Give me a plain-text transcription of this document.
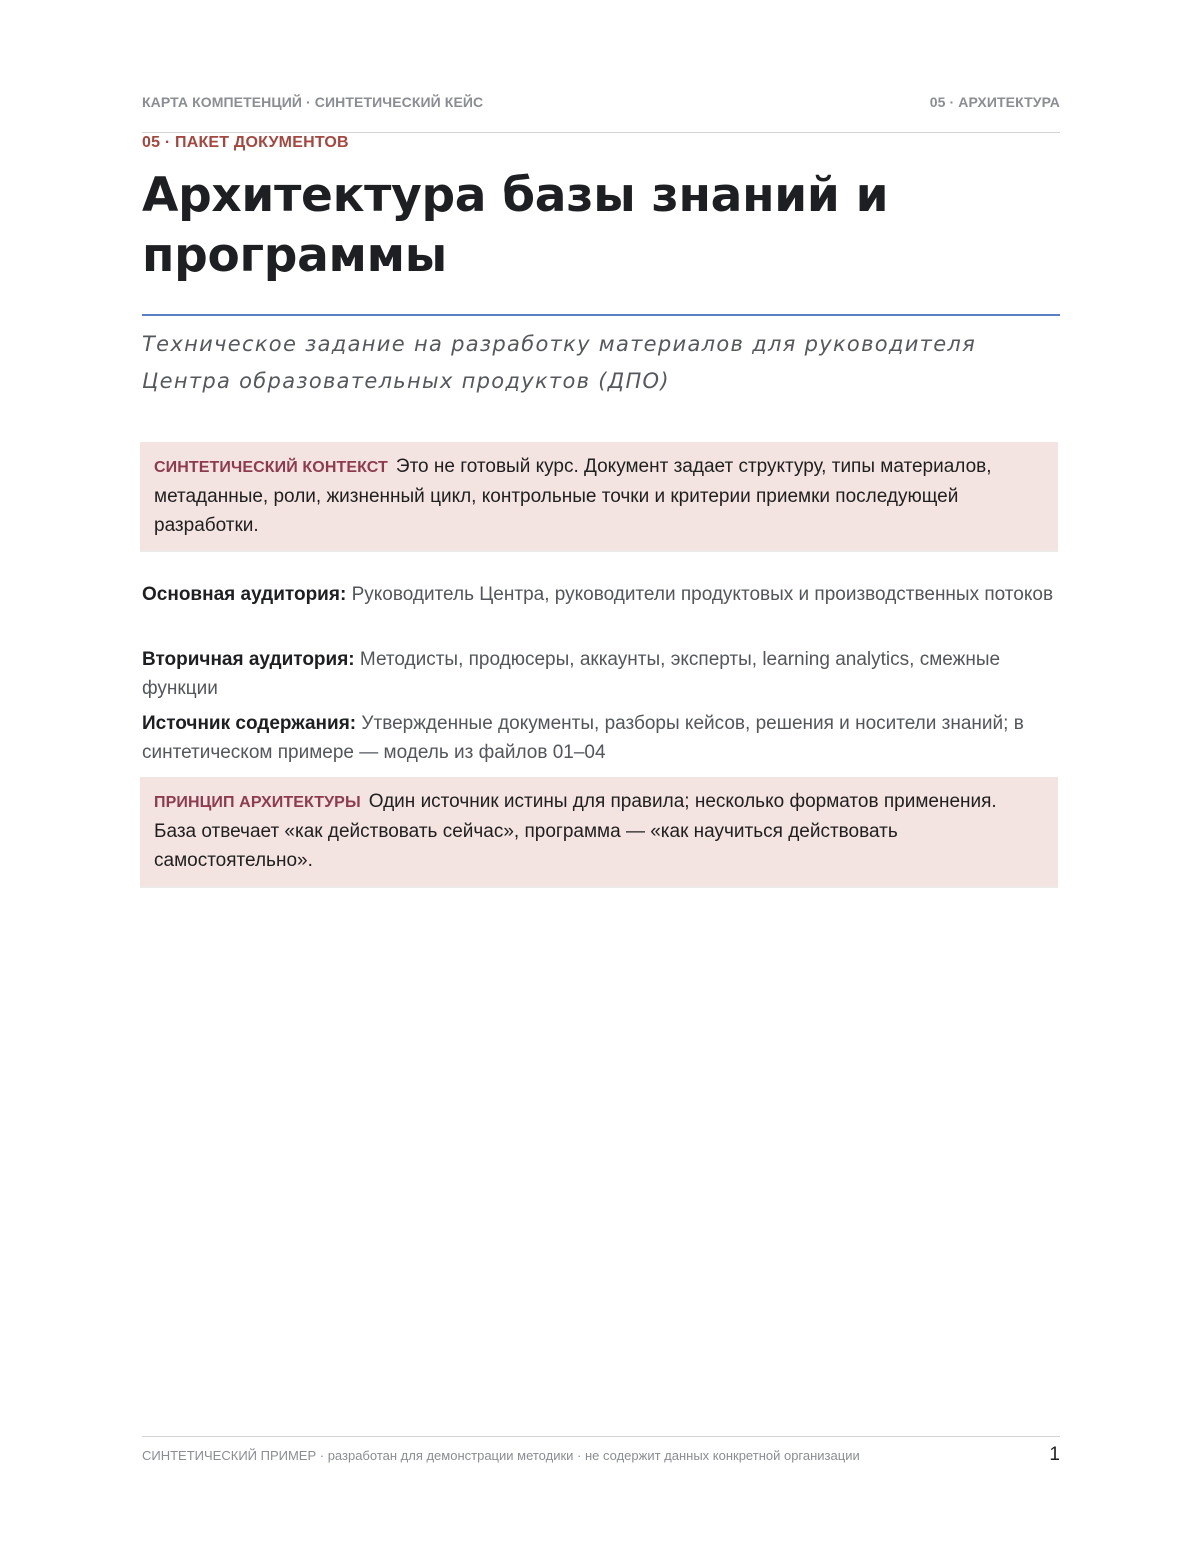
КАРТА КОМПЕТЕНЦИЙ · СИНТЕТИЧЕСКИЙ КЕЙС	05 · АРХИТЕКТУРА
05 · ПАКЕТ ДОКУМЕНТОВ
Архитектура базы знаний и программы

Техническое задание на разработку материалов для руководителя Центра образовательных продуктов (ДПО)

СИНТЕТИЧЕСКИЙ КОНТЕКСТ Это не готовый курс. Документ задает структуру, типы материалов, метаданные, роли, жизненный цикл, контрольные точки и критерии приемки последующей разработки.
Основная аудитория: Руководитель Центра, руководители продуктовых и производственных потоков
Вторичная аудитория: Методисты, продюсеры, аккаунты, эксперты, learning analytics, смежные функции
Источник содержания: Утвержденные документы, разборы кейсов, решения и носители знаний; в синтетическом примере — модель из файлов 01–04
ПРИНЦИП АРХИТЕКТУРЫ Один источник истины для правила; несколько форматов применения. База отвечает «как действовать сейчас», программа — «как научиться действовать самостоятельно».
СИНТЕТИЧЕСКИЙ ПРИМЕР · разработан для демонстрации методики · не содержит данных конкретной организации	1
